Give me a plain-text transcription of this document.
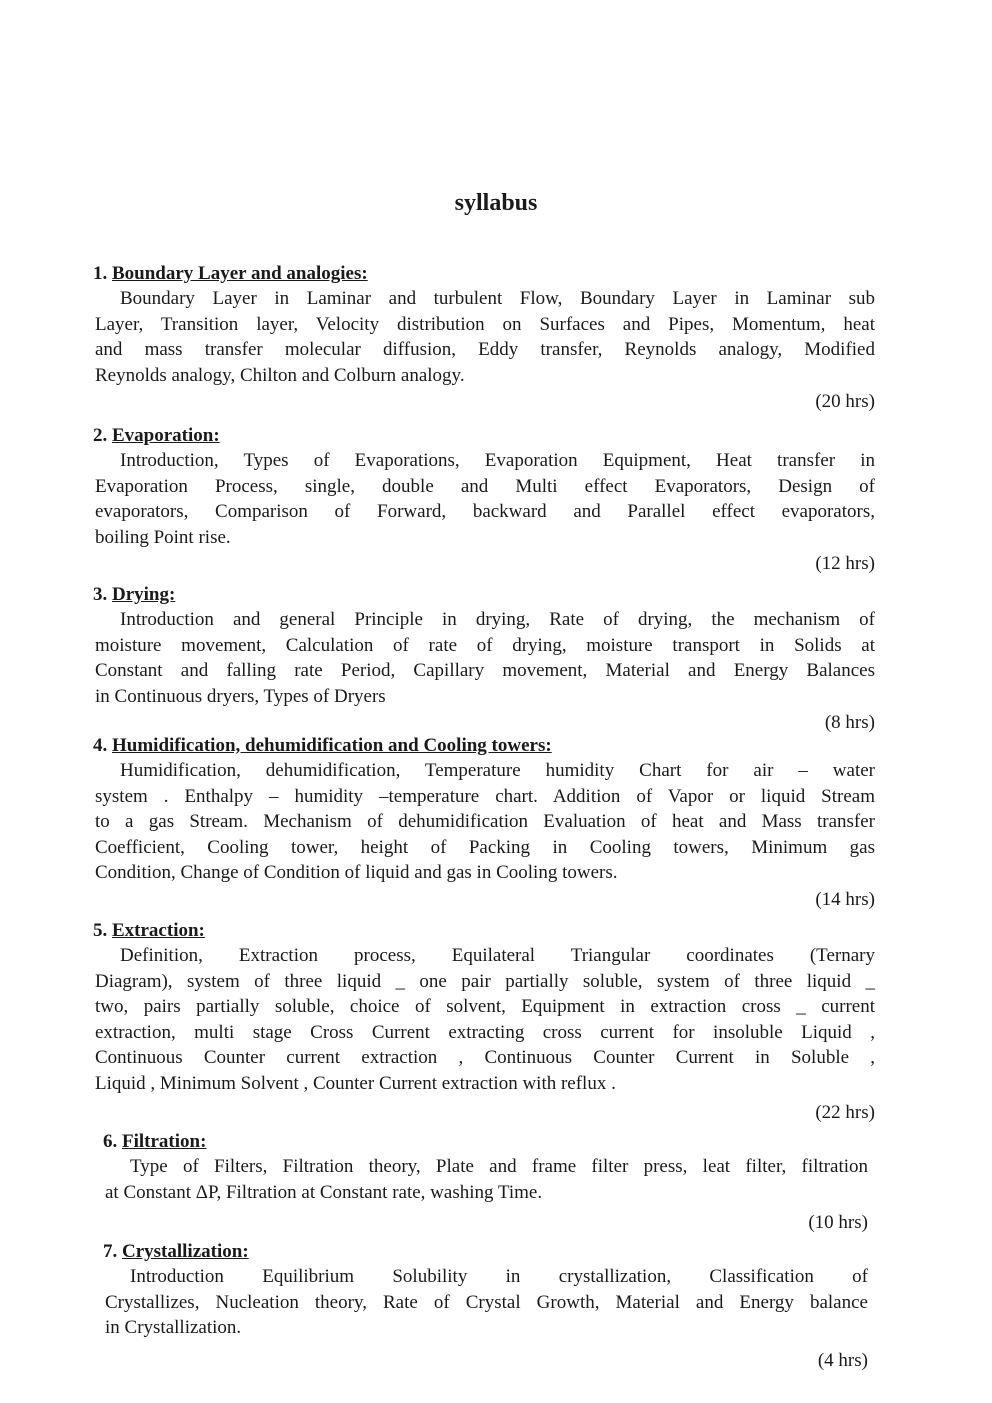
syllabus
1. Boundary Layer and analogies:
Boundary Layer in Laminar and turbulent Flow, Boundary Layer in Laminar sub
Layer, Transition layer, Velocity distribution on Surfaces and Pipes, Momentum, heat
and mass transfer molecular diffusion, Eddy transfer, Reynolds analogy, Modified
Reynolds analogy, Chilton and Colburn analogy.
(20 hrs)
2. Evaporation:
Introduction, Types of Evaporations, Evaporation Equipment, Heat transfer in
Evaporation Process, single, double and Multi effect Evaporators, Design of
evaporators, Comparison of Forward, backward and Parallel effect evaporators,
boiling Point rise.
(12 hrs)
3. Drying:
Introduction and general Principle in drying, Rate of drying, the mechanism of
moisture movement, Calculation of rate of drying, moisture transport in Solids at
Constant and falling rate Period, Capillary movement, Material and Energy Balances
in Continuous dryers, Types of Dryers
(8 hrs)
4. Humidification, dehumidification and Cooling towers:
Humidification, dehumidification, Temperature humidity Chart for air – water
system . Enthalpy – humidity –temperature chart. Addition of Vapor or liquid Stream
to a gas Stream. Mechanism of dehumidification Evaluation of heat and Mass transfer
Coefficient, Cooling tower, height of Packing in Cooling towers, Minimum gas
Condition, Change of Condition of liquid and gas in Cooling towers.
(14 hrs)
5. Extraction:
Definition, Extraction process, Equilateral Triangular coordinates (Ternary
Diagram), system of three liquid _ one pair partially soluble, system of three liquid _
two, pairs partially soluble, choice of solvent, Equipment in extraction cross _ current
extraction, multi stage Cross Current extracting cross current for insoluble Liquid ,
Continuous Counter current extraction , Continuous Counter Current in Soluble ,
Liquid , Minimum Solvent , Counter Current extraction with reflux .
(22 hrs)
6. Filtration:
Type of Filters, Filtration theory, Plate and frame filter press, leat filter, filtration
at Constant ΔP, Filtration at Constant rate, washing Time.
(10 hrs)
7. Crystallization:
Introduction Equilibrium Solubility in crystallization, Classification of
Crystallizes, Nucleation theory, Rate of Crystal Growth, Material and Energy balance
in Crystallization.
(4 hrs)
